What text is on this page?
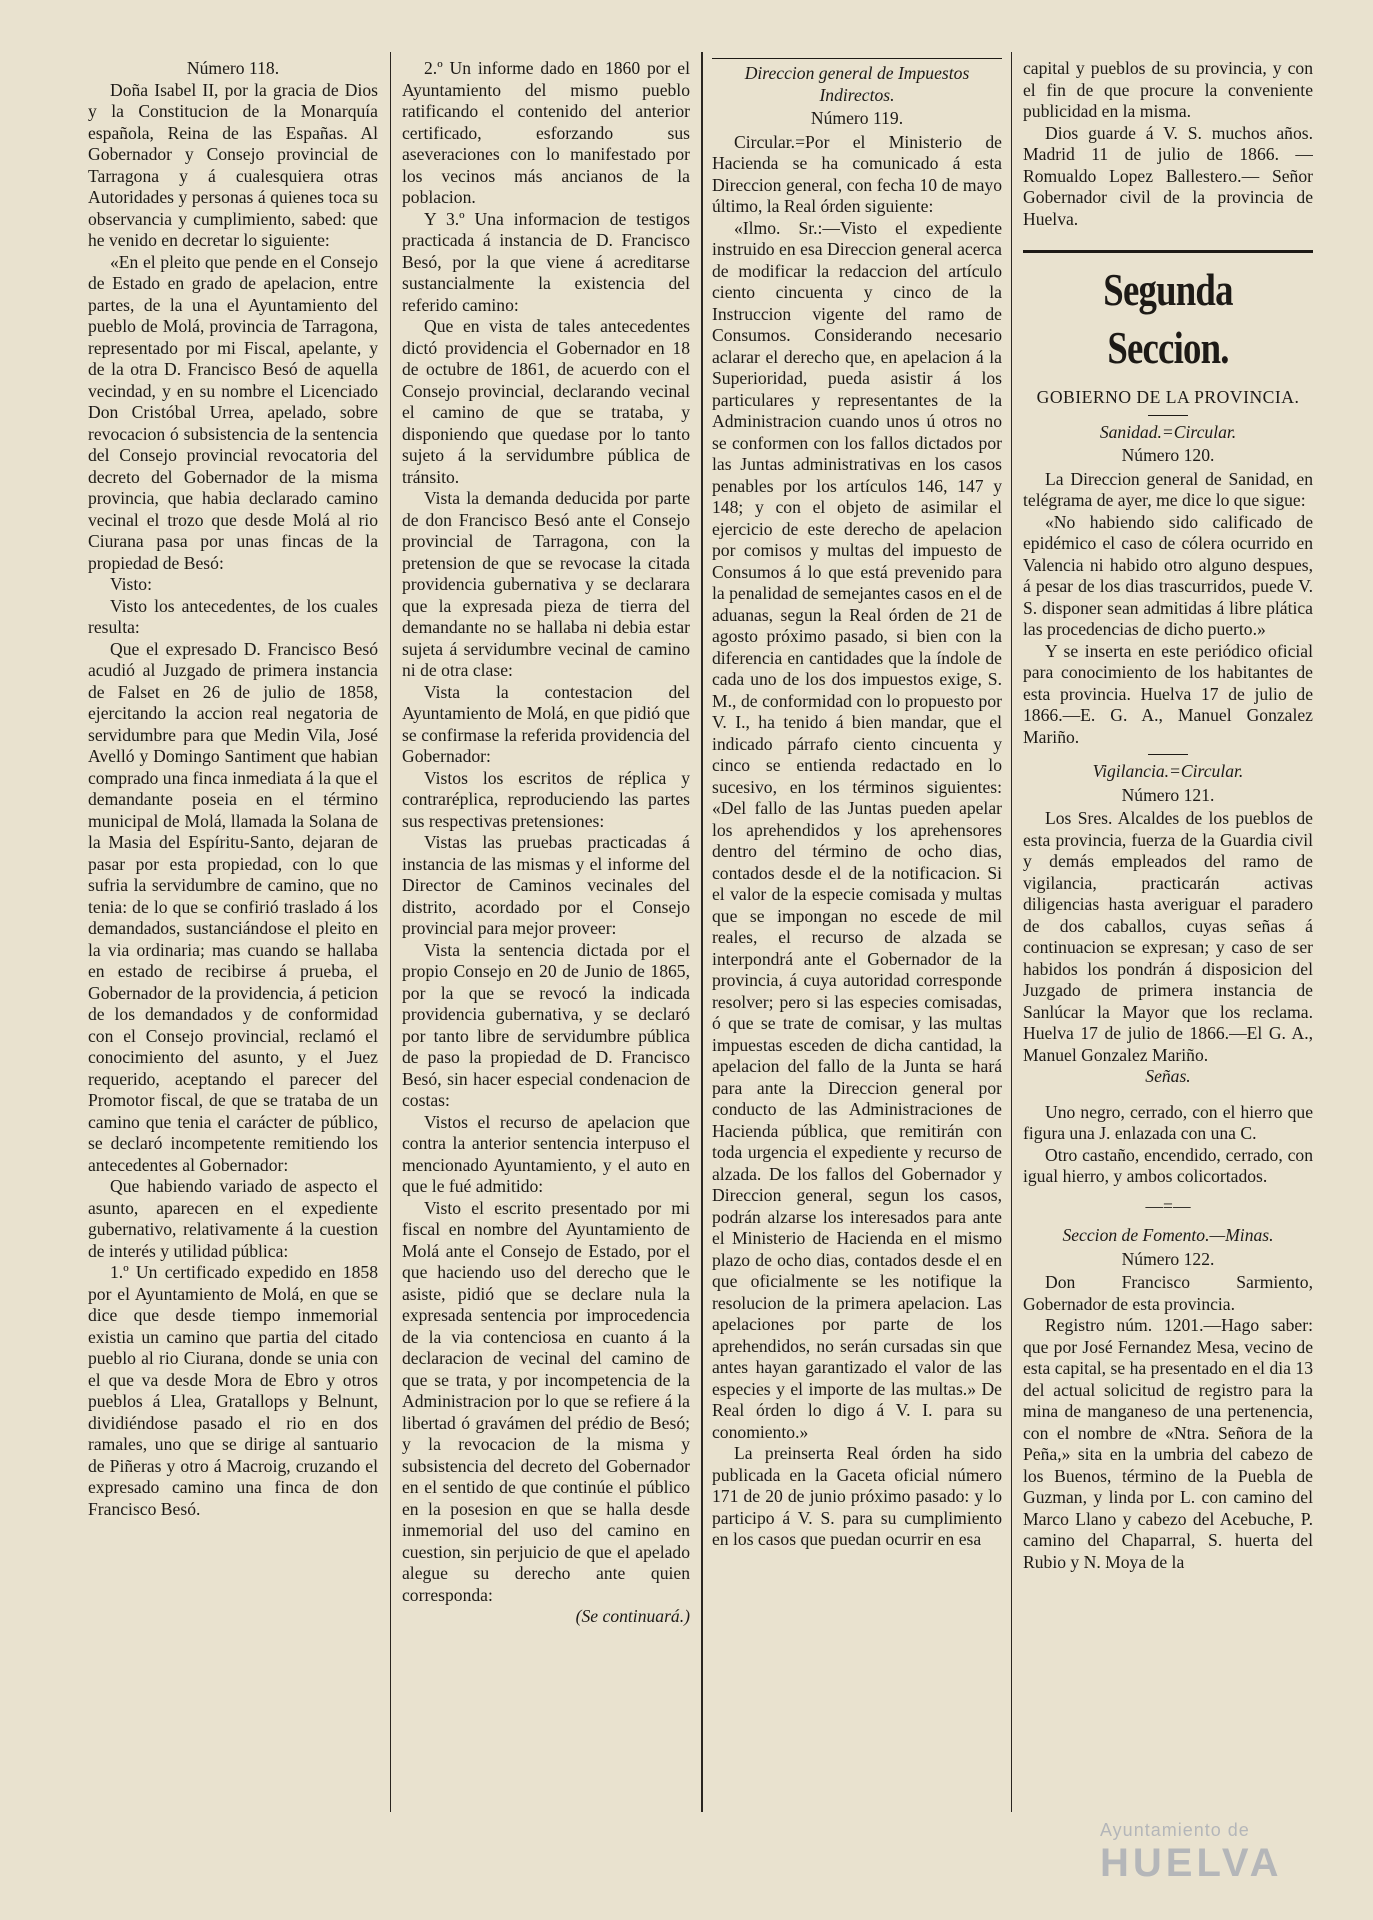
Número 118.

Doña Isabel II, por la gracia de Dios y la Constitucion de la Monarquía española, Reina de las Españas. Al Gobernador y Consejo provincial de Tarragona y á cualesquiera otras Autoridades y personas á quienes toca su observancia y cumplimiento, sabed: que he venido en decretar lo siguiente:

«En el pleito que pende en el Consejo de Estado en grado de apelacion, entre partes, de la una el Ayuntamiento del pueblo de Molá, provincia de Tarragona, representado por mi Fiscal, apelante, y de la otra D. Francisco Besó de aquella vecindad, y en su nombre el Licenciado Don Cristóbal Urrea, apelado, sobre revocacion ó subsistencia de la sentencia del Consejo provincial revocatoria del decreto del Gobernador de la misma provincia, que habia declarado camino vecinal el trozo que desde Molá al rio Ciurana pasa por unas fincas de la propiedad de Besó:

Visto:

Visto los antecedentes, de los cuales resulta:

Que el expresado D. Francisco Besó acudió al Juzgado de primera instancia de Falset en 26 de julio de 1858, ejercitando la accion real negatoria de servidumbre para que Medin Vila, José Avelló y Domingo Santiment que habian comprado una finca inmediata á la que el demandante poseia en el término municipal de Molá, llamada la Solana de la Masia del Espíritu-Santo, dejaran de pasar por esta propiedad, con lo que sufria la servidumbre de camino, que no tenia: de lo que se confirió traslado á los demandados, sustanciándose el pleito en la via ordinaria; mas cuando se hallaba en estado de recibirse á prueba, el Gobernador de la providencia, á peticion de los demandados y de conformidad con el Consejo provincial, reclamó el conocimiento del asunto, y el Juez requerido, aceptando el parecer del Promotor fiscal, de que se trataba de un camino que tenia el carácter de público, se declaró incompetente remitiendo los antecedentes al Gobernador:

Que habiendo variado de aspecto el asunto, aparecen en el expediente gubernativo, relativamente á la cuestion de interés y utilidad pública:

1.º Un certificado expedido en 1858 por el Ayuntamiento de Molá, en que se dice que desde tiempo inmemorial existia un camino que partia del citado pueblo al rio Ciurana, donde se unia con el que va desde Mora de Ebro y otros pueblos á Llea, Gratallops y Belnunt, dividiéndose pasado el rio en dos ramales, uno que se dirige al santuario de Piñeras y otro á Macroig, cruzando el expresado camino una finca de don Francisco Besó.

2.º Un informe dado en 1860 por el Ayuntamiento del mismo pueblo ratificando el contenido del anterior certificado, esforzando sus aseveraciones con lo manifestado por los vecinos más ancianos de la poblacion.

Y 3.º Una informacion de testigos practicada á instancia de D. Francisco Besó, por la que viene á acreditarse sustancialmente la existencia del referido camino:

Que en vista de tales antecedentes dictó providencia el Gobernador en 18 de octubre de 1861, de acuerdo con el Consejo provincial, declarando vecinal el camino de que se trataba, y disponiendo que quedase por lo tanto sujeto á la servidumbre pública de tránsito.

Vista la demanda deducida por parte de don Francisco Besó ante el Consejo provincial de Tarragona, con la pretension de que se revocase la citada providencia gubernativa y se declarara que la expresada pieza de tierra del demandante no se hallaba ni debia estar sujeta á servidumbre vecinal de camino ni de otra clase:

Vista la contestacion del Ayuntamiento de Molá, en que pidió que se confirmase la referida providencia del Gobernador:

Vistos los escritos de réplica y contraréplica, reproduciendo las partes sus respectivas pretensiones:

Vistas las pruebas practicadas á instancia de las mismas y el informe del Director de Caminos vecinales del distrito, acordado por el Consejo provincial para mejor proveer:

Vista la sentencia dictada por el propio Consejo en 20 de Junio de 1865, por la que se revocó la indicada providencia gubernativa, y se declaró por tanto libre de servidumbre pública de paso la propiedad de D. Francisco Besó, sin hacer especial condenacion de costas:

Vistos el recurso de apelacion que contra la anterior sentencia interpuso el mencionado Ayuntamiento, y el auto en que le fué admitido:

Visto el escrito presentado por mi fiscal en nombre del Ayuntamiento de Molá ante el Consejo de Estado, por el que haciendo uso del derecho que le asiste, pidió que se declare nula la expresada sentencia por improcedencia de la via contenciosa en cuanto á la declaracion de vecinal del camino de que se trata, y por incompetencia de la Administracion por lo que se refiere á la libertad ó gravámen del prédio de Besó; y la revocacion de la misma y subsistencia del decreto del Gobernador en el sentido de que continúe el público en la posesion en que se halla desde inmemorial del uso del camino en cuestion, sin perjuicio de que el apelado alegue su derecho ante quien corresponda:

(Se continuará.)

Direccion general de Impuestos Indirectos.

Número 119.

Circular.=Por el Ministerio de Hacienda se ha comunicado á esta Direccion general, con fecha 10 de mayo último, la Real órden siguiente:

«Ilmo. Sr.:—Visto el expediente instruido en esa Direccion general acerca de modificar la redaccion del artículo ciento cincuenta y cinco de la Instruccion vigente del ramo de Consumos. Considerando necesario aclarar el derecho que, en apelacion á la Superioridad, pueda asistir á los particulares y representantes de la Administracion cuando unos ú otros no se conformen con los fallos dictados por las Juntas administrativas en los casos penables por los artículos 146, 147 y 148; y con el objeto de asimilar el ejercicio de este derecho de apelacion por comisos y multas del impuesto de Consumos á lo que está prevenido para la penalidad de semejantes casos en el de aduanas, segun la Real órden de 21 de agosto próximo pasado, si bien con la diferencia en cantidades que la índole de cada uno de los dos impuestos exige, S. M., de conformidad con lo propuesto por V. I., ha tenido á bien mandar, que el indicado párrafo ciento cincuenta y cinco se entienda redactado en lo sucesivo, en los términos siguientes: «Del fallo de las Juntas pueden apelar los aprehendidos y los aprehensores dentro del término de ocho dias, contados desde el de la notificacion. Si el valor de la especie comisada y multas que se impongan no escede de mil reales, el recurso de alzada se interpondrá ante el Gobernador de la provincia, á cuya autoridad corresponde resolver; pero si las especies comisadas, ó que se trate de comisar, y las multas impuestas esceden de dicha cantidad, la apelacion del fallo de la Junta se hará para ante la Direccion general por conducto de las Administraciones de Hacienda pública, que remitirán con toda urgencia el expediente y recurso de alzada. De los fallos del Gobernador y Direccion general, segun los casos, podrán alzarse los interesados para ante el Ministerio de Hacienda en el mismo plazo de ocho dias, contados desde el en que oficialmente se les notifique la resolucion de la primera apelacion. Las apelaciones por parte de los aprehendidos, no serán cursadas sin que antes hayan garantizado el valor de las especies y el importe de las multas.» De Real órden lo digo á V. I. para su conomiento.»

La preinserta Real órden ha sido publicada en la Gaceta oficial número 171 de 20 de junio próximo pasado: y lo participo á V. S. para su cumplimiento en los casos que puedan ocurrir en esa

capital y pueblos de su provincia, y con el fin de que procure la conveniente publicidad en la misma.

Dios guarde á V. S. muchos años. Madrid 11 de julio de 1866. —Romualdo Lopez Ballestero.— Señor Gobernador civil de la provincia de Huelva.

Segunda Seccion.

GOBIERNO DE LA PROVINCIA.

Sanidad.=Circular.

Número 120.

La Direccion general de Sanidad, en telégrama de ayer, me dice lo que sigue:

«No habiendo sido calificado de epidémico el caso de cólera ocurrido en Valencia ni habido otro alguno despues, á pesar de los dias trascurridos, puede V. S. disponer sean admitidas á libre plática las procedencias de dicho puerto.»

Y se inserta en este periódico oficial para conocimiento de los habitantes de esta provincia. Huelva 17 de julio de 1866.—E. G. A., Manuel Gonzalez Mariño.

Vigilancia.=Circular.

Número 121.

Los Sres. Alcaldes de los pueblos de esta provincia, fuerza de la Guardia civil y demás empleados del ramo de vigilancia, practicarán activas diligencias hasta averiguar el paradero de dos caballos, cuyas señas á continuacion se expresan; y caso de ser habidos los pondrán á disposicion del Juzgado de primera instancia de Sanlúcar la Mayor que los reclama. Huelva 17 de julio de 1866.—El G. A., Manuel Gonzalez Mariño.

Señas.

Uno negro, cerrado, con el hierro que figura una J. enlazada con una C.

Otro castaño, encendido, cerrado, con igual hierro, y ambos colicortados.

—=—

Seccion de Fomento.—Minas.

Número 122.

Don Francisco Sarmiento, Gobernador de esta provincia.

Registro núm. 1201.—Hago saber: que por José Fernandez Mesa, vecino de esta capital, se ha presentado en el dia 13 del actual solicitud de registro para la mina de manganeso de una pertenencia, con el nombre de «Ntra. Señora de la Peña,» sita en la umbria del cabezo de los Buenos, término de la Puebla de Guzman, y linda por L. con camino del Marco Llano y cabezo del Acebuche, P. camino del Chaparral, S. huerta del Rubio y N. Moya de la

Ayuntamiento de
HUELVA
